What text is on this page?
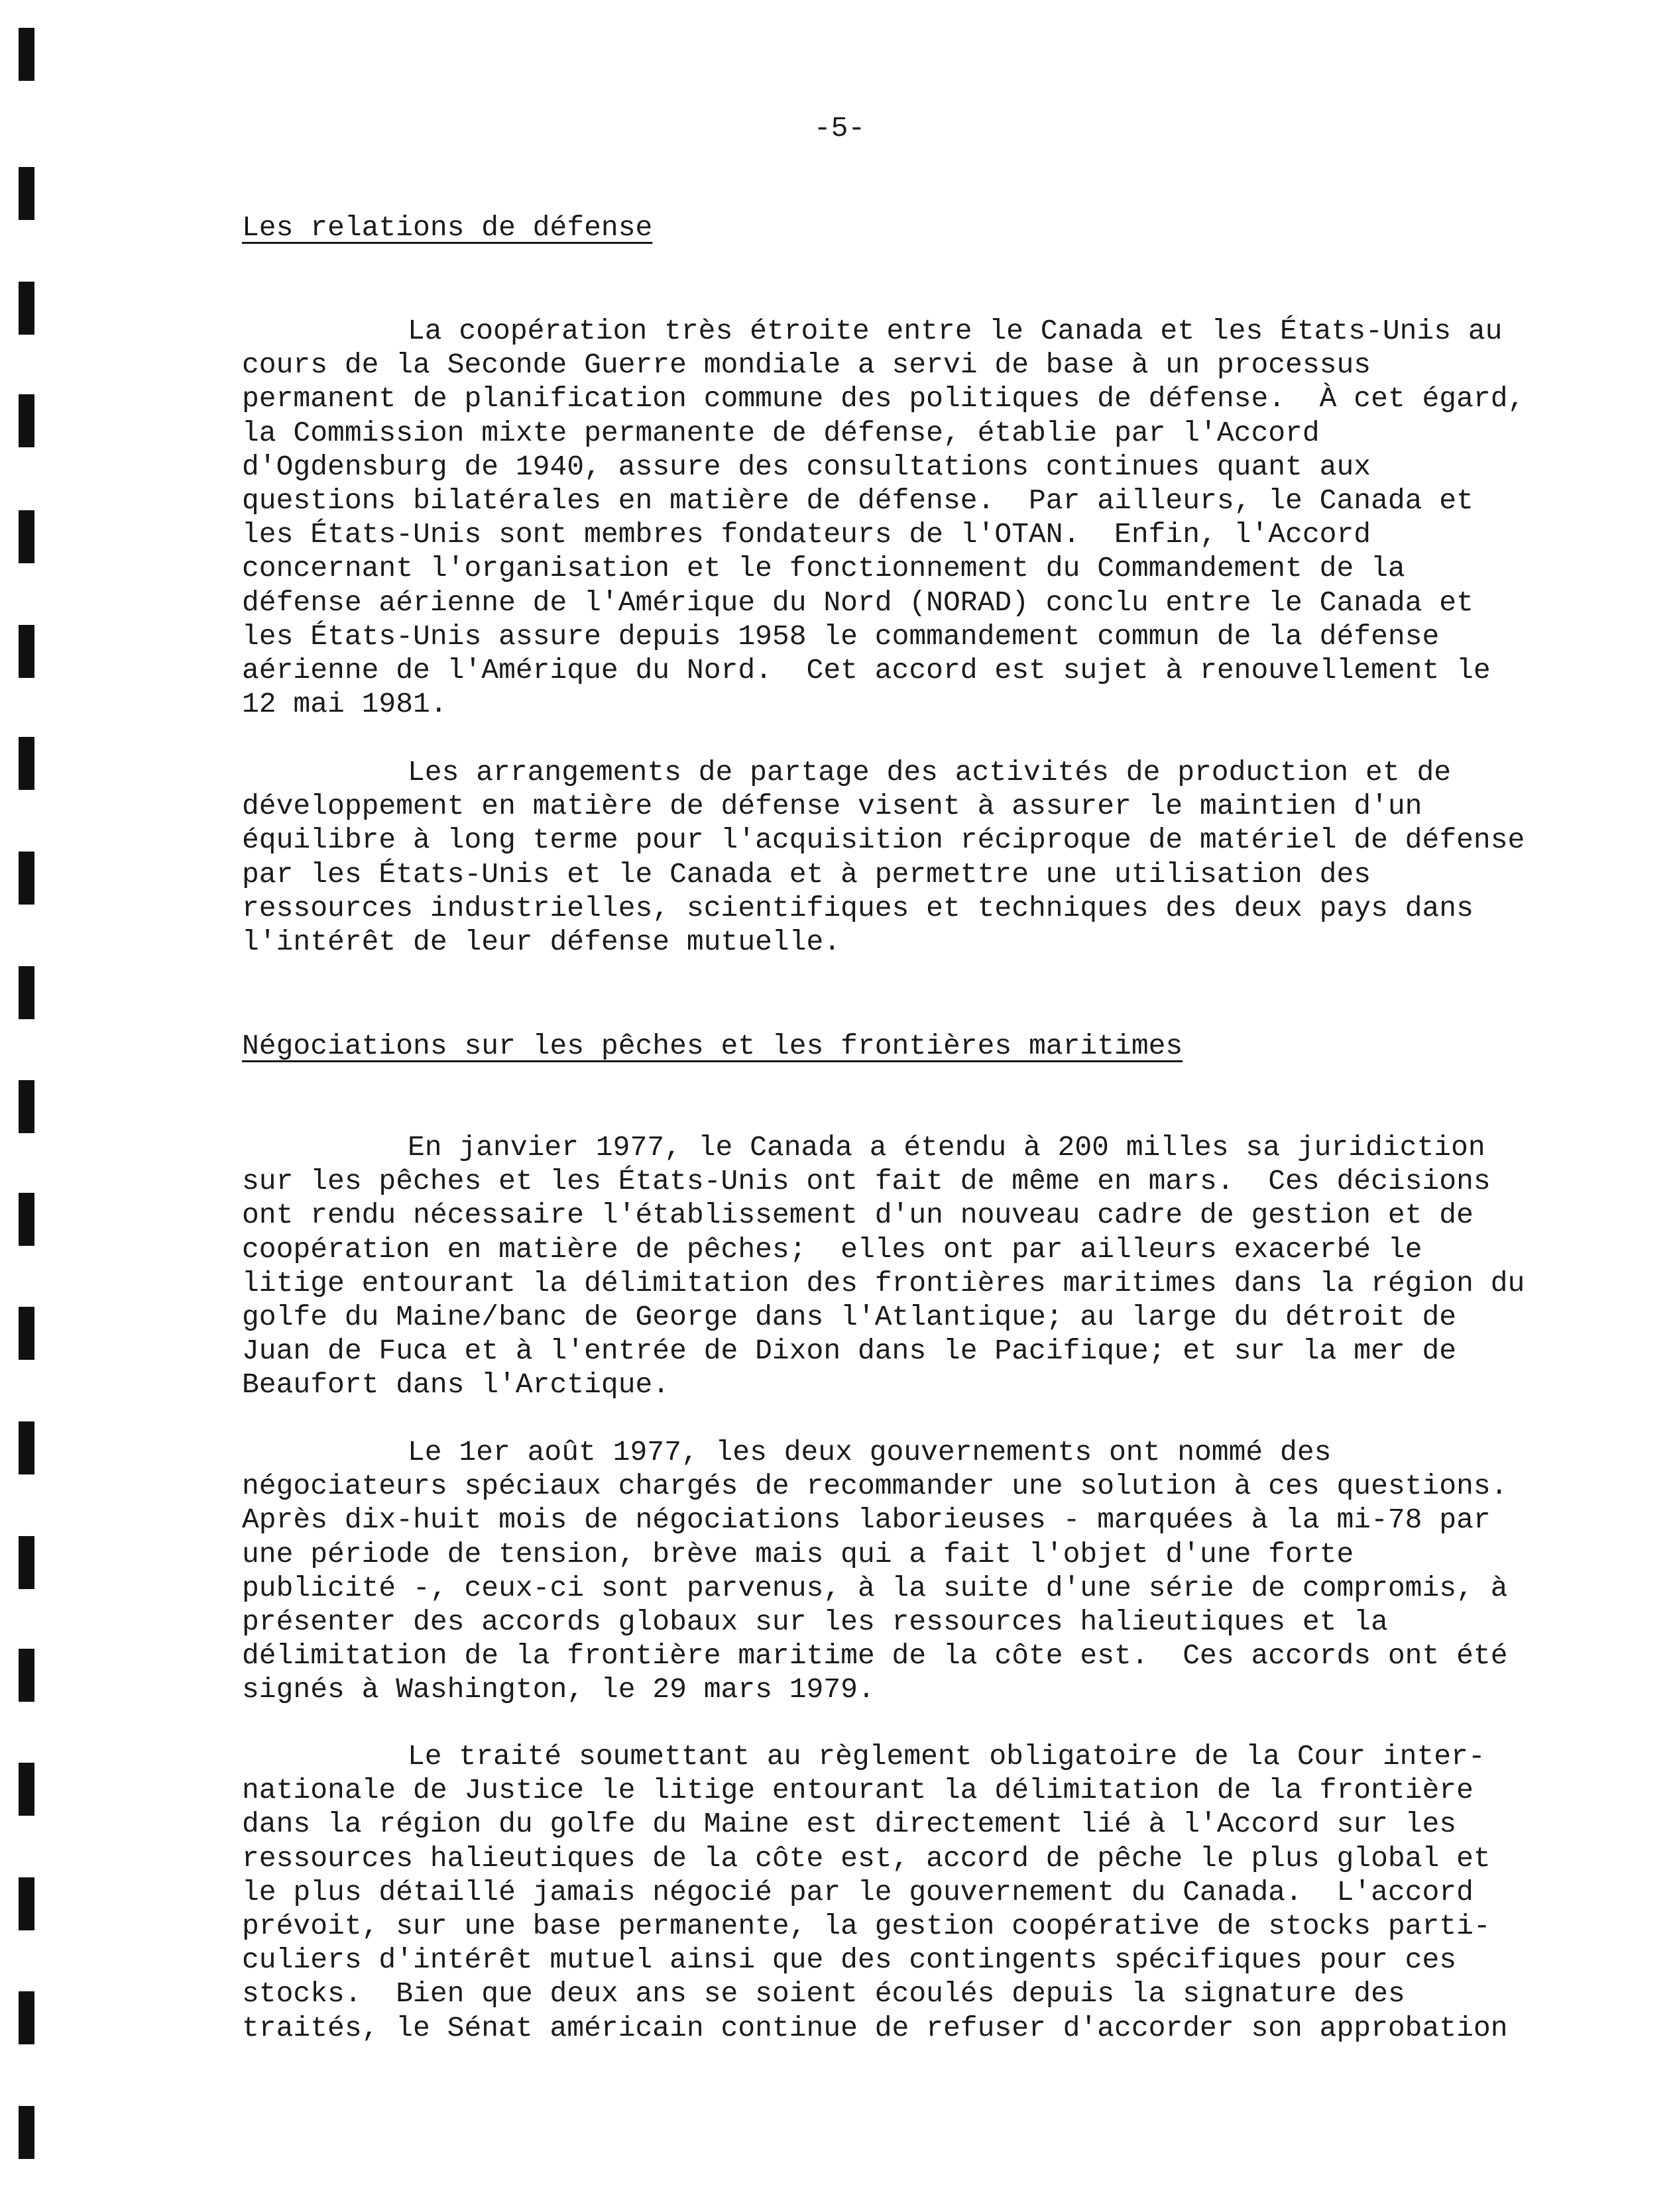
-5-
Les relations de défense
La coopération très étroite entre le Canada et les États-Unis au
cours de la Seconde Guerre mondiale a servi de base à un processus
permanent de planification commune des politiques de défense.  À cet égard,
la Commission mixte permanente de défense, établie par l'Accord
d'Ogdensburg de 1940, assure des consultations continues quant aux
questions bilatérales en matière de défense.  Par ailleurs, le Canada et
les États-Unis sont membres fondateurs de l'OTAN.  Enfin, l'Accord
concernant l'organisation et le fonctionnement du Commandement de la
défense aérienne de l'Amérique du Nord (NORAD) conclu entre le Canada et
les États-Unis assure depuis 1958 le commandement commun de la défense
aérienne de l'Amérique du Nord.  Cet accord est sujet à renouvellement le
12 mai 1981.
Les arrangements de partage des activités de production et de
développement en matière de défense visent à assurer le maintien d'un
équilibre à long terme pour l'acquisition réciproque de matériel de défense
par les États-Unis et le Canada et à permettre une utilisation des
ressources industrielles, scientifiques et techniques des deux pays dans
l'intérêt de leur défense mutuelle.
Négociations sur les pêches et les frontières maritimes
En janvier 1977, le Canada a étendu à 200 milles sa juridiction
sur les pêches et les États-Unis ont fait de même en mars.  Ces décisions
ont rendu nécessaire l'établissement d'un nouveau cadre de gestion et de
coopération en matière de pêches;  elles ont par ailleurs exacerbé le
litige entourant la délimitation des frontières maritimes dans la région du
golfe du Maine/banc de George dans l'Atlantique; au large du détroit de
Juan de Fuca et à l'entrée de Dixon dans le Pacifique; et sur la mer de
Beaufort dans l'Arctique.
Le 1er août 1977, les deux gouvernements ont nommé des
négociateurs spéciaux chargés de recommander une solution à ces questions.
Après dix-huit mois de négociations laborieuses - marquées à la mi-78 par
une période de tension, brève mais qui a fait l'objet d'une forte
publicité -, ceux-ci sont parvenus, à la suite d'une série de compromis, à
présenter des accords globaux sur les ressources halieutiques et la
délimitation de la frontière maritime de la côte est.  Ces accords ont été
signés à Washington, le 29 mars 1979.
Le traité soumettant au règlement obligatoire de la Cour inter-
nationale de Justice le litige entourant la délimitation de la frontière
dans la région du golfe du Maine est directement lié à l'Accord sur les
ressources halieutiques de la côte est, accord de pêche le plus global et
le plus détaillé jamais négocié par le gouvernement du Canada.  L'accord
prévoit, sur une base permanente, la gestion coopérative de stocks parti-
culiers d'intérêt mutuel ainsi que des contingents spécifiques pour ces
stocks.  Bien que deux ans se soient écoulés depuis la signature des
traités, le Sénat américain continue de refuser d'accorder son approbation
